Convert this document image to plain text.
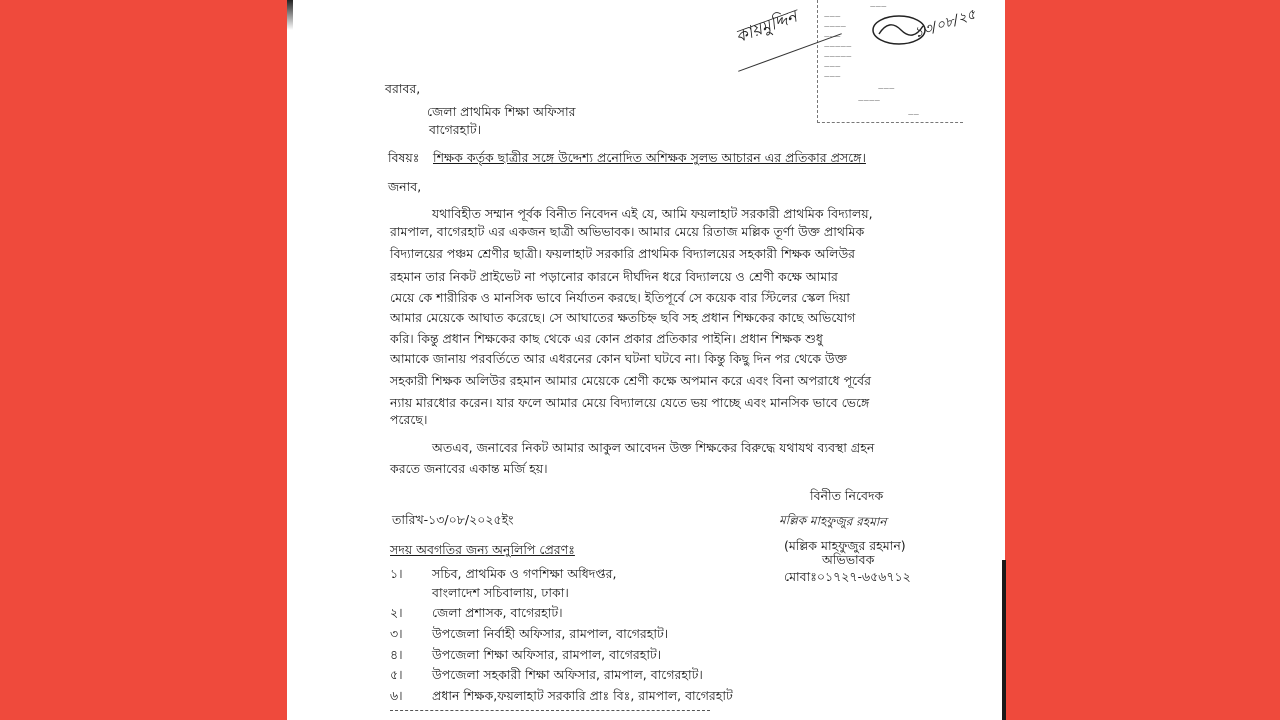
———
———
————
———
—————
—————
———
———
———
————
——
কায়মুদ্দিন	১৩/০৮/২৫
বরাবর,
জেলা প্রাথমিক শিক্ষা অফিসার
বাগেরহাট।
বিষয়ঃ শিক্ষক কর্তৃক ছাত্রীর সঙ্গে উদ্দেশ্য প্রনোদিত অশিক্ষক সুলভ আচারন এর প্রতিকার প্রসঙ্গে।
জনাব,
যথাবিহীত সম্মান পূর্বক বিনীত নিবেদন এই যে, আমি ফয়লাহাট সরকারী প্রাথমিক বিদ্যালয়,
রামপাল, বাগেরহাট এর একজন ছাত্রী অভিভাবক। আমার মেয়ে রিতাজ মল্লিক তূর্ণা উক্ত প্রাথমিক
বিদ্যালয়ের পঞ্চম শ্রেণীর ছাত্রী। ফয়লাহাট সরকারি প্রাথমিক বিদ্যালয়ের সহকারী শিক্ষক অলিউর
রহমান তার নিকট প্রাইভেট না পড়ানোর কারনে দীর্ঘদিন ধরে বিদ্যালয়ে ও শ্রেণী কক্ষে আমার
মেয়ে কে শারীরিক ও মানসিক ভাবে নির্যাতন করছে। ইতিপূর্বে সে কয়েক বার স্টিলের স্কেল দিয়া
আমার মেয়েকে আঘাত করেছে। সে আঘাতের ক্ষতচিহ্ন ছবি সহ প্রধান শিক্ষকের কাছে অভিযোগ
করি। কিন্তু প্রধান শিক্ষকের কাছ থেকে এর কোন প্রকার প্রতিকার পাইনি। প্রধান শিক্ষক শুধু
আমাকে জানায় পরবর্তিতে আর এধরনের কোন ঘটনা ঘটবে না। কিন্তু কিছু দিন পর থেকে উক্ত
সহকারী শিক্ষক অলিউর রহমান আমার মেয়েকে শ্রেণী কক্ষে অপমান করে এবং বিনা অপরাধে পূর্বের
ন্যায় মারধোর করেন। যার ফলে আমার মেয়ে বিদ্যালয়ে যেতে ভয় পাচ্ছে এবং মানসিক ভাবে ভেঙ্গে
পরেছে।
অতএব, জনাবের নিকট আমার আকুল আবেদন উক্ত শিক্ষকের বিরুদ্ধে যথাযথ ব্যবস্থা গ্রহন
করতে জনাবের একান্ত মর্জি হয়।
বিনীত নিবেদক
তারিখ-১৩/০৮/২০২৫ইং	মল্লিক মাহফুজুর রহমান
(মল্লিক মাহফুজুর রহমান)
অভিভাবক
মোবাঃ০১৭২৭-৬৫৬৭১২
সদয় অবগতির জন্য অনুলিপি প্রেরণঃ
১। সচিব, প্রাথমিক ও গণশিক্ষা অধিদপ্তর,
বাংলাদেশ সচিবালায়, ঢাকা।
২। জেলা প্রশাসক, বাগেরহাট।
৩। উপজেলা নির্বাহী অফিসার, রামপাল, বাগেরহাট।
৪। উপজেলা শিক্ষা অফিসার, রামপাল, বাগেরহাট।
৫। উপজেলা সহকারী শিক্ষা অফিসার, রামপাল, বাগেরহাট।
৬। প্রধান শিক্ষক,ফয়লাহাট সরকারি প্রাঃ বিঃ, রামপাল, বাগেরহাট
